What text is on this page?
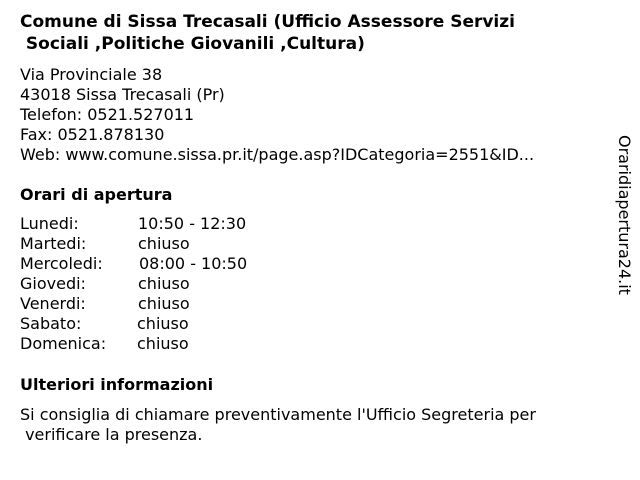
Comune di Sissa Trecasali (Ufficio Assessore Servizi
Sociali ,Politiche Giovanili ,Cultura)
Via Provinciale 38
43018 Sissa Trecasali (Pr)
Telefon: 0521.527011
Fax: 0521.878130
Web: www.comune.sissa.pr.it/page.asp?IDCategoria=2551&ID...
Orari di apertura
Lunedi:	10:50 - 12:30
Martedi:	chiuso
Mercoledi: 08:00 - 10:50
Giovedi:	chiuso
Venerdi:	chiuso
Sabato:	chiuso
Domenica: chiuso
Ulteriori informazioni
Si consiglia di chiamare preventivamente l'Ufficio Segreteria per
verificare la presenza.
Oraridiapertura24.it
